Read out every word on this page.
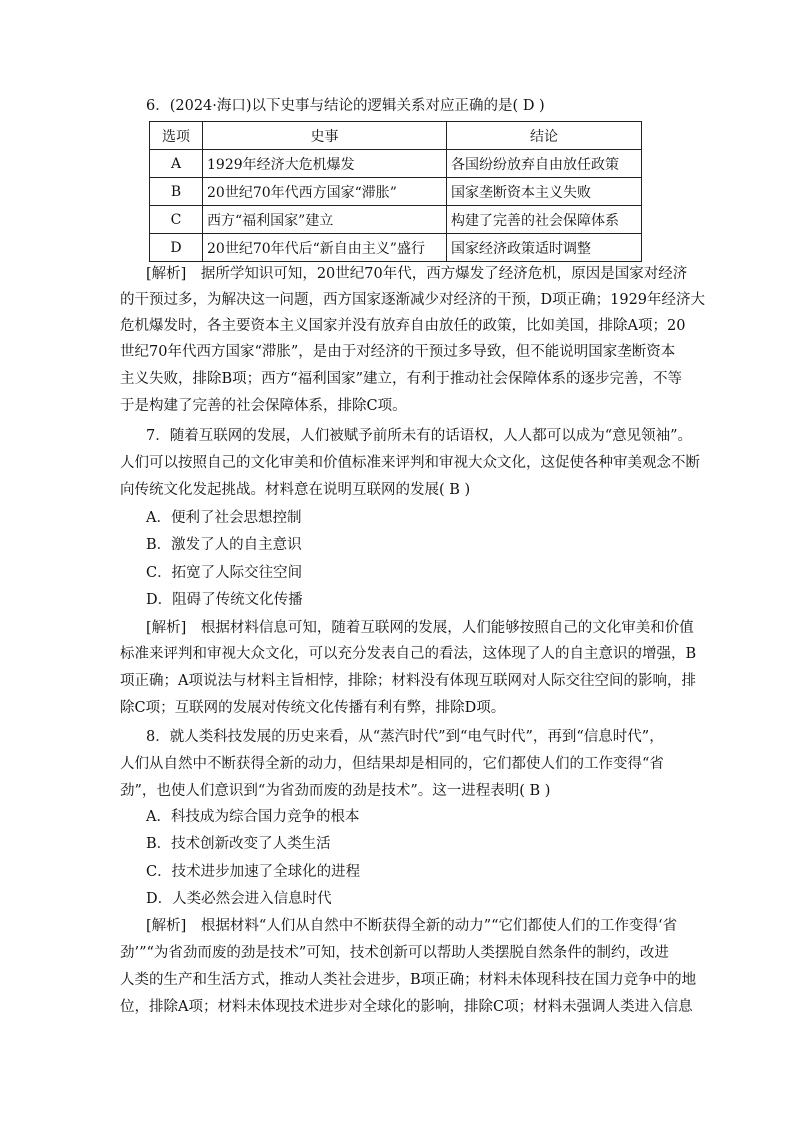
6．(2024·海口)以下史事与结论的逻辑关系对应正确的是( D )
选项	史事	结论
A	1929年经济大危机爆发	各国纷纷放弃自由放任政策
B	20世纪70年代西方国家“滞胀”	国家垄断资本主义失败
C	西方“福利国家”建立	构建了完善的社会保障体系
D	20世纪70年代后“新自由主义”盛行	国家经济政策适时调整
[解析]　据所学知识可知，20世纪70年代，西方爆发了经济危机，原因是国家对经济
的干预过多，为解决这一问题，西方国家逐渐减少对经济的干预，D项正确；1929年经济大
危机爆发时，各主要资本主义国家并没有放弃自由放任的政策，比如美国，排除A项；20
世纪70年代西方国家“滞胀”，是由于对经济的干预过多导致，但不能说明国家垄断资本
主义失败，排除B项；西方“福利国家”建立，有利于推动社会保障体系的逐步完善，不等
于是构建了完善的社会保障体系，排除C项。
7．随着互联网的发展，人们被赋予前所未有的话语权，人人都可以成为“意见领袖”。
人们可以按照自己的文化审美和价值标准来评判和审视大众文化，这促使各种审美观念不断
向传统文化发起挑战。材料意在说明互联网的发展( B )
A．便利了社会思想控制
B．激发了人的自主意识
C．拓宽了人际交往空间
D．阻碍了传统文化传播
[解析]　根据材料信息可知，随着互联网的发展，人们能够按照自己的文化审美和价值
标准来评判和审视大众文化，可以充分发表自己的看法，这体现了人的自主意识的增强，B
项正确；A项说法与材料主旨相悖，排除；材料没有体现互联网对人际交往空间的影响，排
除C项；互联网的发展对传统文化传播有利有弊，排除D项。
8．就人类科技发展的历史来看，从“蒸汽时代”到“电气时代”，再到“信息时代”，
人们从自然中不断获得全新的动力，但结果却是相同的，它们都使人们的工作变得“省
劲”，也使人们意识到“为省劲而废的劲是技术”。这一进程表明( B )
A．科技成为综合国力竞争的根本
B．技术创新改变了人类生活
C．技术进步加速了全球化的进程
D．人类必然会进入信息时代
[解析]　根据材料“人们从自然中不断获得全新的动力”“它们都使人们的工作变得‘省
劲’”“为省劲而废的劲是技术”可知，技术创新可以帮助人类摆脱自然条件的制约，改进
人类的生产和生活方式，推动人类社会进步，B项正确；材料未体现科技在国力竞争中的地
位，排除A项；材料未体现技术进步对全球化的影响，排除C项；材料未强调人类进入信息
